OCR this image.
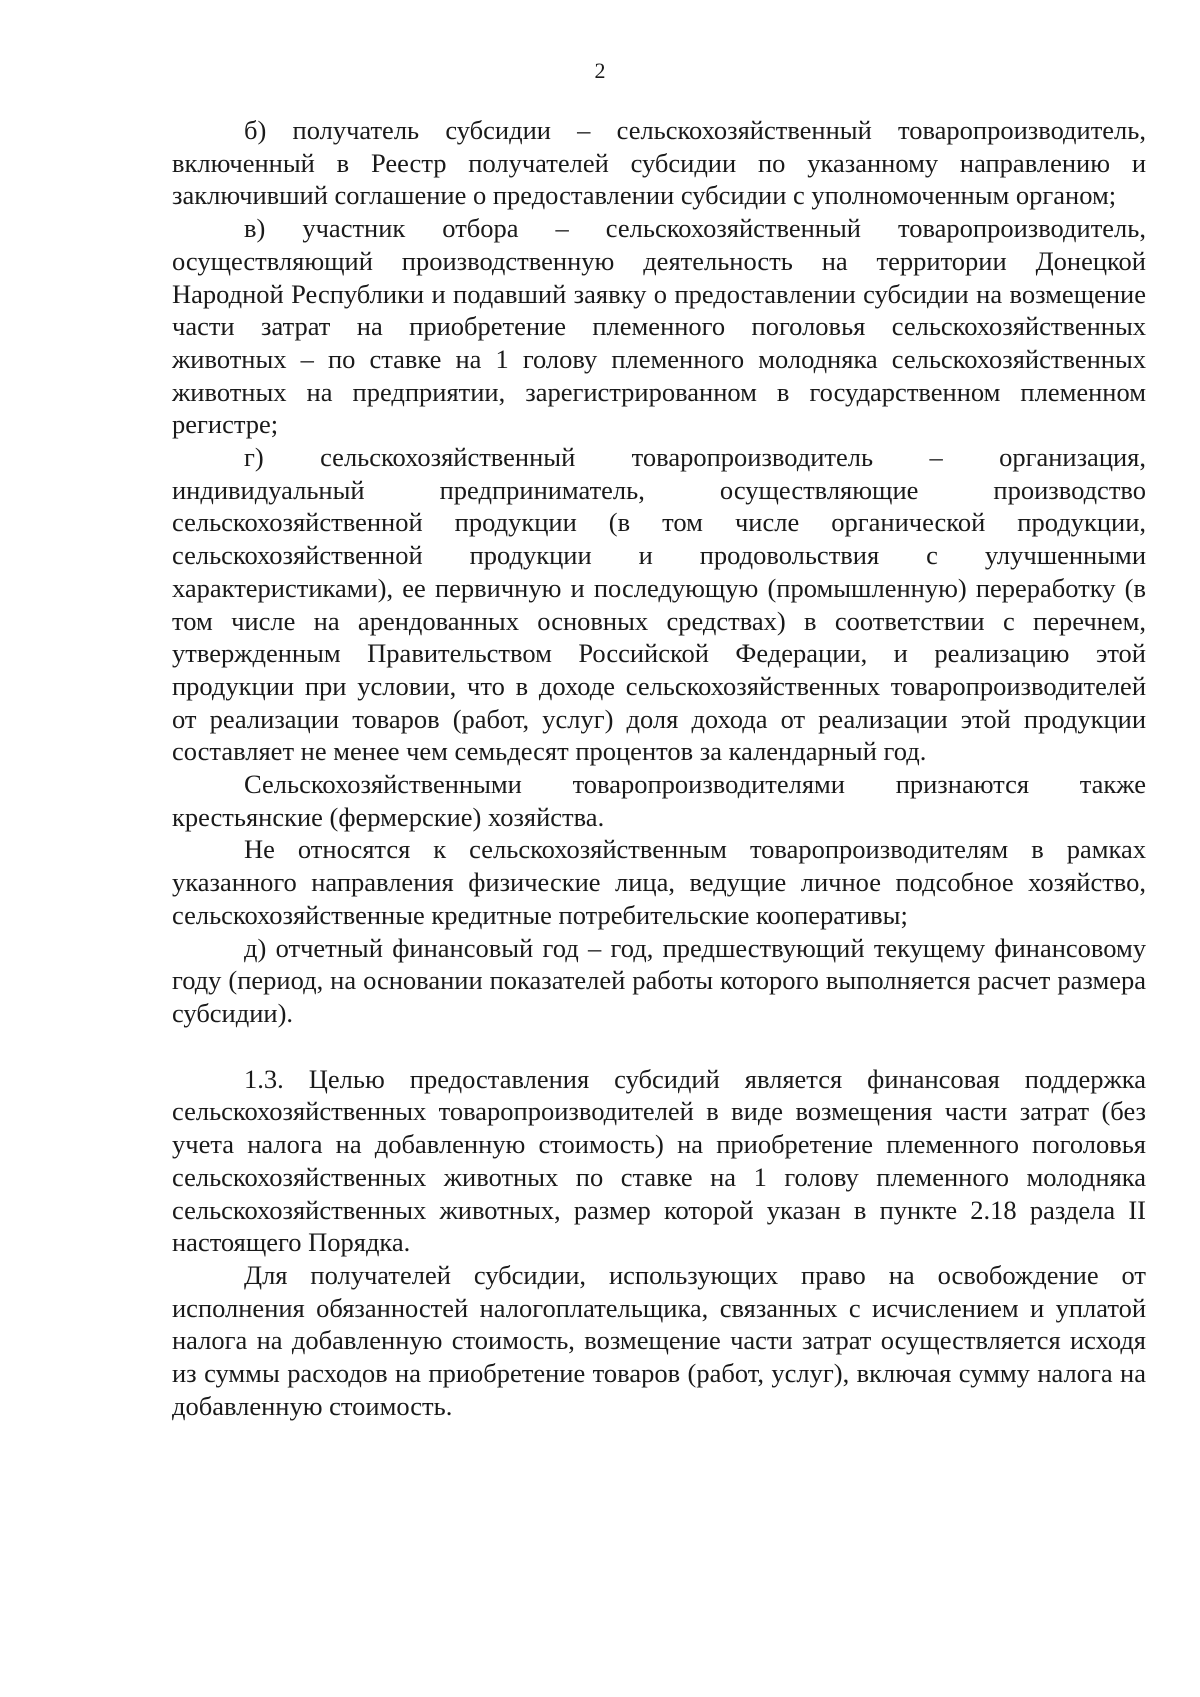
2

б) получатель субсидии – сельскохозяйственный товаропроизводитель, включенный в Реестр получателей субсидии по указанному направлению и заключивший соглашение о предоставлении субсидии с уполномоченным органом;

в) участник отбора – сельскохозяйственный товаропроизводитель, осуществляющий производственную деятельность на территории Донецкой Народной Республики и подавший заявку о предоставлении субсидии на возмещение части затрат на приобретение племенного поголовья сельскохозяйственных животных – по ставке на 1 голову племенного молодняка сельскохозяйственных животных на предприятии, зарегистрированном в государственном племенном регистре;

г) сельскохозяйственный товаропроизводитель – организация, индивидуальный предприниматель, осуществляющие производство сельскохозяйственной продукции (в том числе органической продукции, сельскохозяйственной продукции и продовольствия с улучшенными характеристиками), ее первичную и последующую (промышленную) переработку (в том числе на арендованных основных средствах) в соответствии с перечнем, утвержденным Правительством Российской Федерации, и реализацию этой продукции при условии, что в доходе сельскохозяйственных товаропроизводителей от реализации товаров (работ, услуг) доля дохода от реализации этой продукции составляет не менее чем семьдесят процентов за календарный год.

Сельскохозяйственными товаропроизводителями признаются также крестьянские (фермерские) хозяйства.

Не относятся к сельскохозяйственным товаропроизводителям в рамках указанного направления физические лица, ведущие личное подсобное хозяйство, сельскохозяйственные кредитные потребительские кооперативы;

д) отчетный финансовый год – год, предшествующий текущему финансовому году (период, на основании показателей работы которого выполняется расчет размера субсидии).

1.3. Целью предоставления субсидий является финансовая поддержка сельскохозяйственных товаропроизводителей в виде возмещения части затрат (без учета налога на добавленную стоимость) на приобретение племенного поголовья сельскохозяйственных животных по ставке на 1 голову племенного молодняка сельскохозяйственных животных, размер которой указан в пункте 2.18 раздела II настоящего Порядка.

Для получателей субсидии, использующих право на освобождение от исполнения обязанностей налогоплательщика, связанных с исчислением и уплатой налога на добавленную стоимость, возмещение части затрат осуществляется исходя из суммы расходов на приобретение товаров (работ, услуг), включая сумму налога на добавленную стоимость.
